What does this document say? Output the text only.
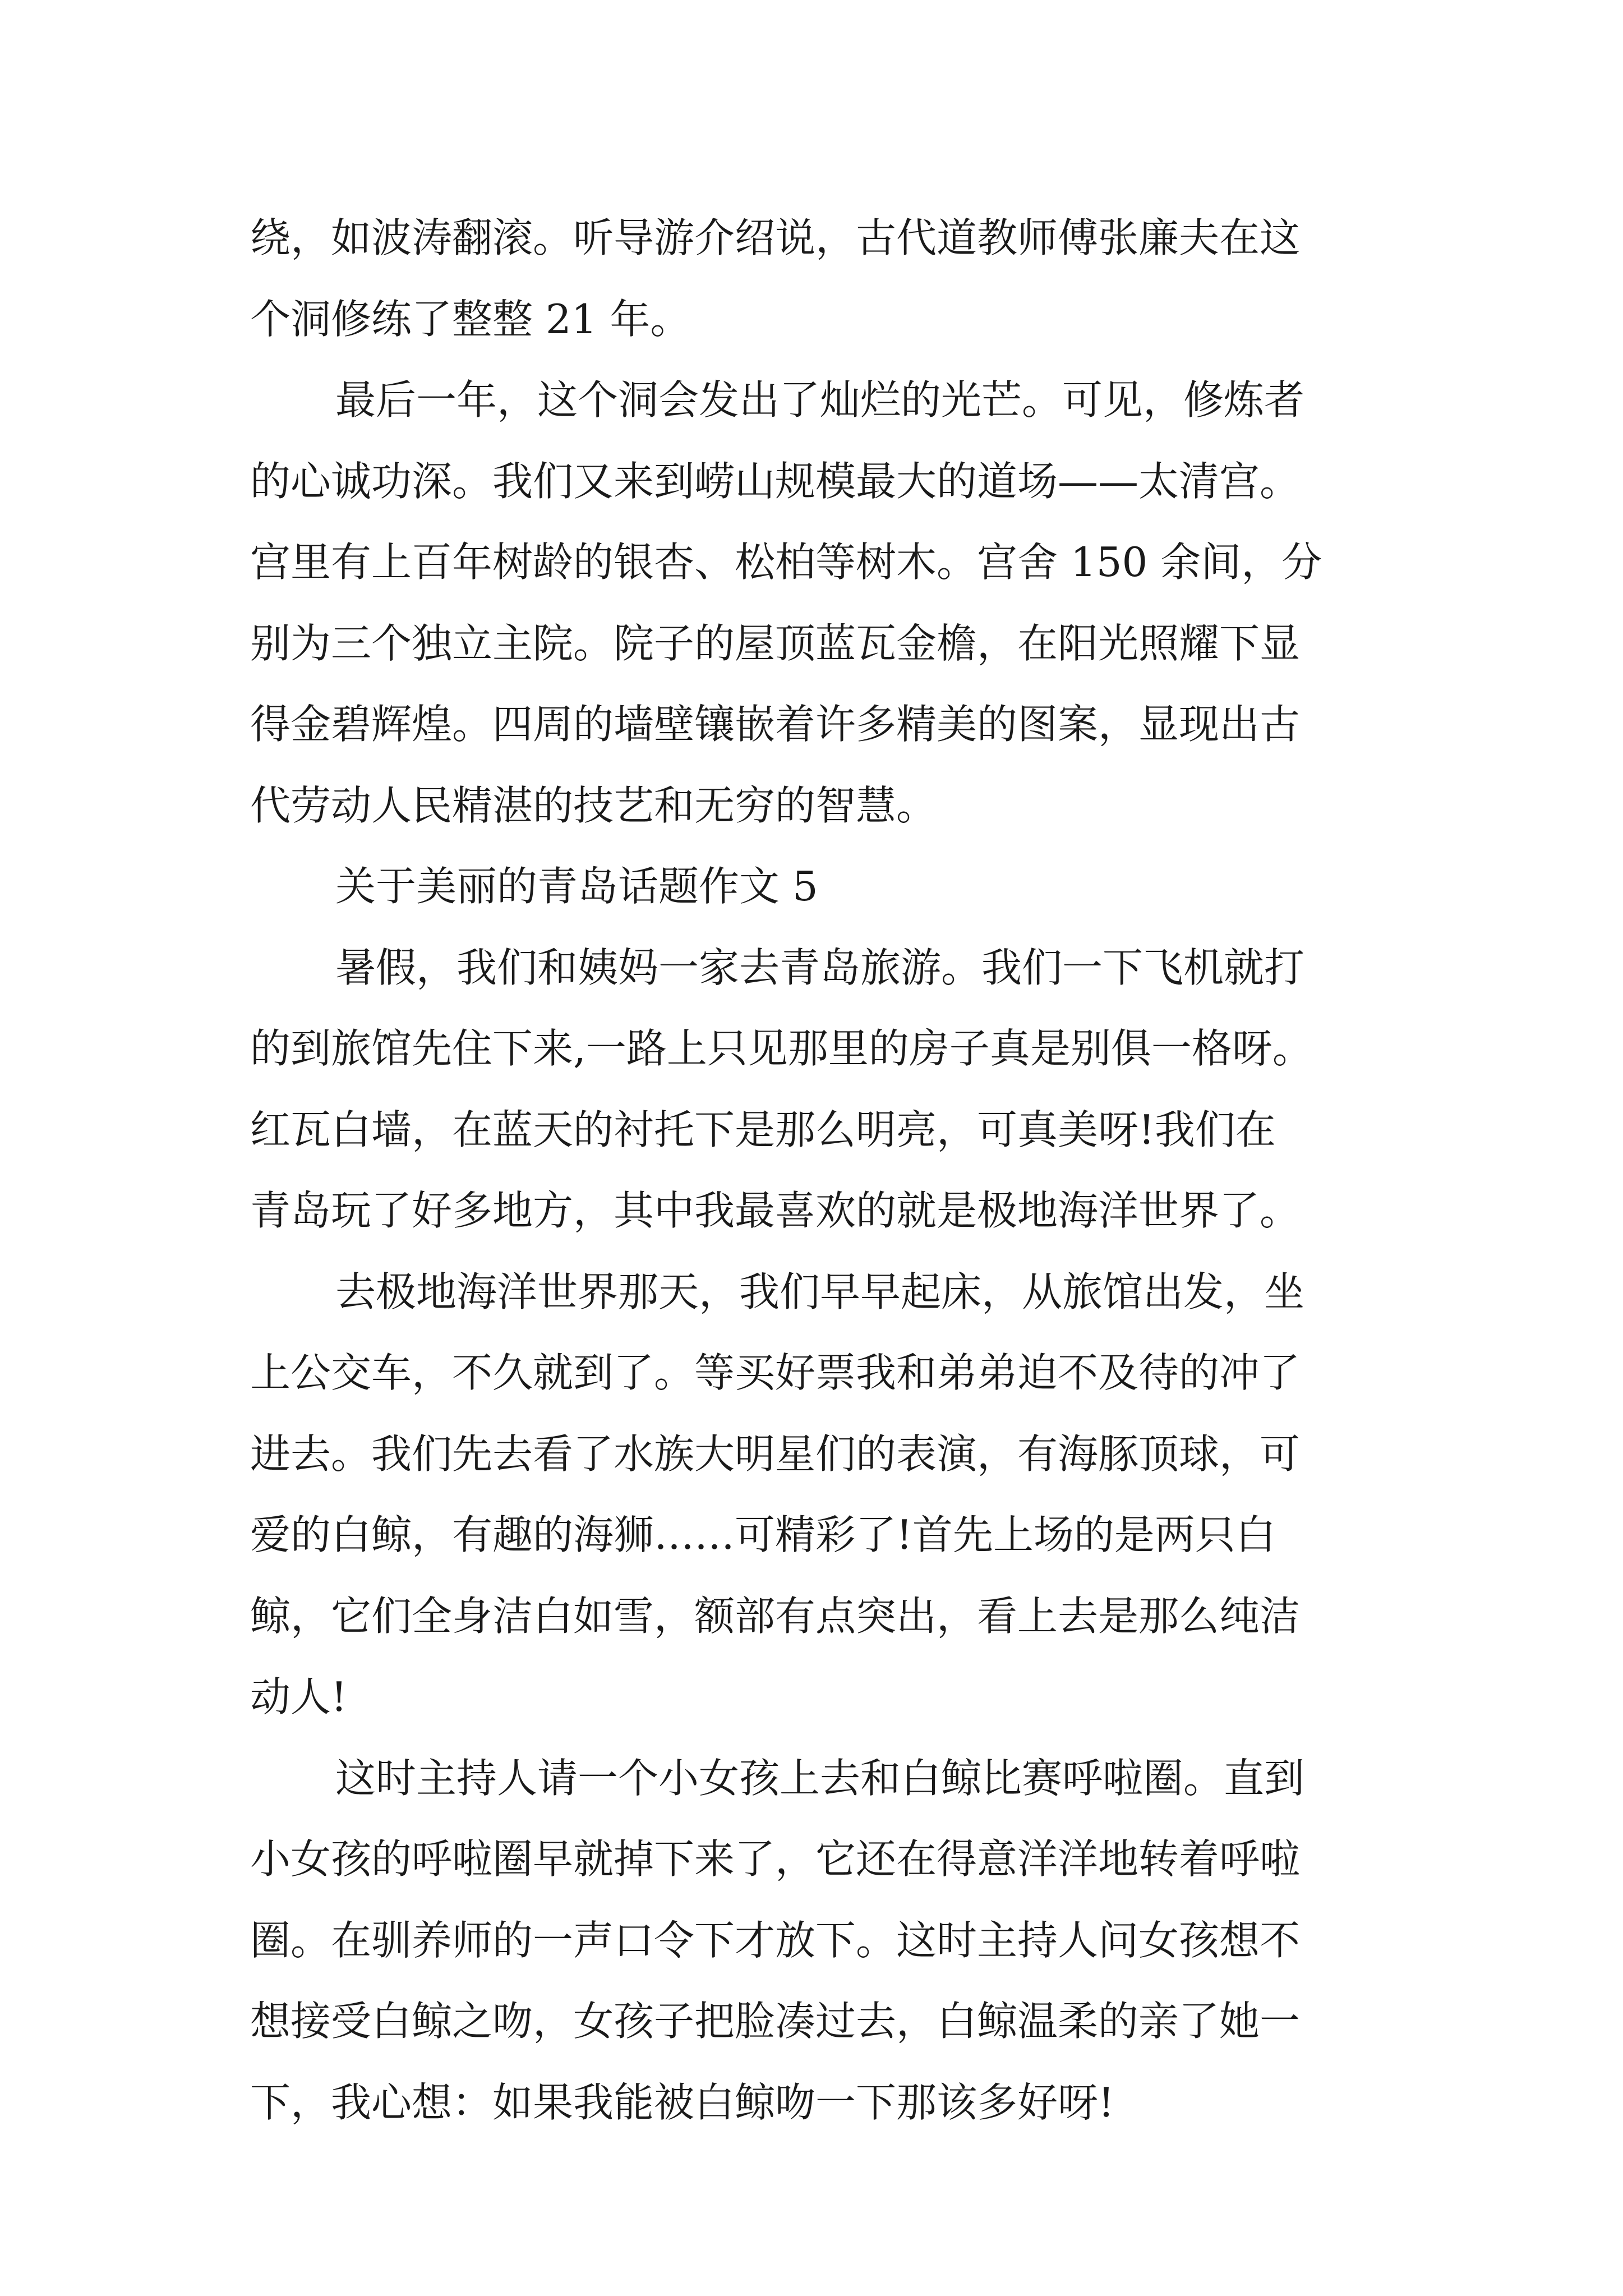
绕，如波涛翻滚。听导游介绍说，古代道教师傅张廉夫在这
个洞修练了整整 21 年。
最后一年，这个洞会发出了灿烂的光芒。可见，修炼者
的心诚功深。我们又来到崂山规模最大的道场——太清宫。
宫里有上百年树龄的银杏、松柏等树木。宫舍 150 余间，分
别为三个独立主院。院子的屋顶蓝瓦金檐，在阳光照耀下显
得金碧辉煌。四周的墙壁镶嵌着许多精美的图案，显现出古
代劳动人民精湛的技艺和无穷的智慧。
关于美丽的青岛话题作文 5
暑假，我们和姨妈一家去青岛旅游。我们一下飞机就打
的到旅馆先住下来,一路上只见那里的房子真是别俱一格呀。
红瓦白墙，在蓝天的衬托下是那么明亮，可真美呀!我们在
青岛玩了好多地方，其中我最喜欢的就是极地海洋世界了。
去极地海洋世界那天，我们早早起床，从旅馆出发，坐
上公交车，不久就到了。等买好票我和弟弟迫不及待的冲了
进去。我们先去看了水族大明星们的表演，有海豚顶球，可
爱的白鲸，有趣的海狮……可精彩了!首先上场的是两只白
鲸，它们全身洁白如雪，额部有点突出，看上去是那么纯洁
动人!
这时主持人请一个小女孩上去和白鲸比赛呼啦圈。直到
小女孩的呼啦圈早就掉下来了，它还在得意洋洋地转着呼啦
圈。在驯养师的一声口令下才放下。这时主持人问女孩想不
想接受白鲸之吻，女孩子把脸凑过去，白鲸温柔的亲了她一
下，我心想：如果我能被白鲸吻一下那该多好呀!
